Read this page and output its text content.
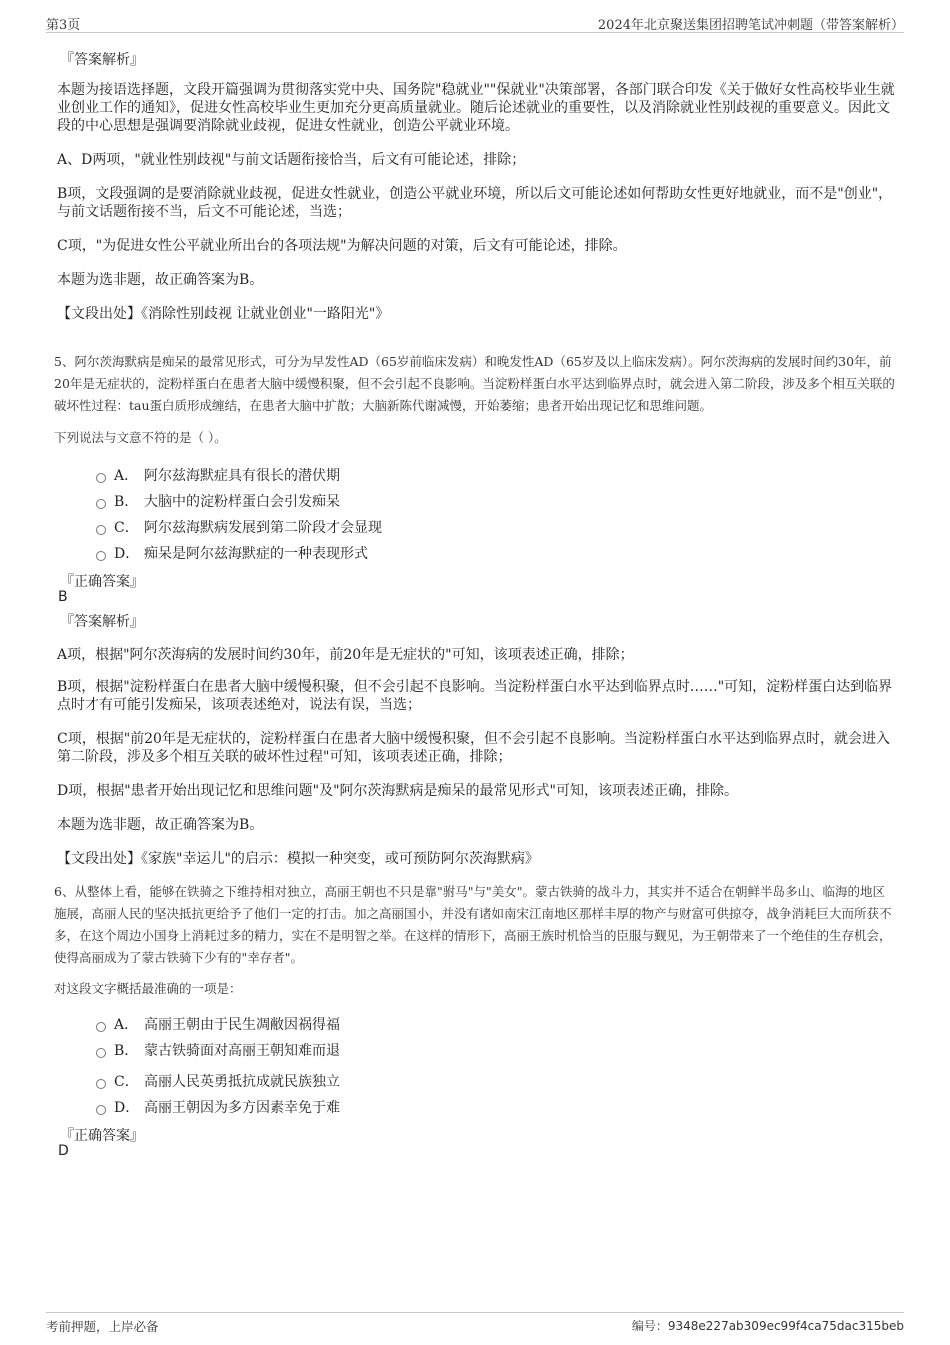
第3页	2024年北京聚送集团招聘笔试冲刺题（带答案解析）
『答案解析』
本题为接语选择题，文段开篇强调为贯彻落实党中央、国务院"稳就业""保就业"决策部署，各部门联合印发《关于做好女性高校毕业生就业创业工作的通知》，促进女性高校毕业生更加充分更高质量就业。随后论述就业的重要性，以及消除就业性别歧视的重要意义。因此文段的中心思想是强调要消除就业歧视，促进女性就业，创造公平就业环境。
A、D两项，"就业性别歧视"与前文话题衔接恰当，后文有可能论述，排除；
B项，文段强调的是要消除就业歧视，促进女性就业，创造公平就业环境，所以后文可能论述如何帮助女性更好地就业，而不是"创业"，与前文话题衔接不当，后文不可能论述，当选；
C项，"为促进女性公平就业所出台的各项法规"为解决问题的对策，后文有可能论述，排除。
本题为选非题，故正确答案为B。
【文段出处】《消除性别歧视 让就业创业"一路阳光"》
5、阿尔茨海默病是痴呆的最常见形式，可分为早发性AD（65岁前临床发病）和晚发性AD（65岁及以上临床发病）。阿尔茨海病的发展时间约30年，前20年是无症状的，淀粉样蛋白在患者大脑中缓慢积聚，但不会引起不良影响。当淀粉样蛋白水平达到临界点时，就会进入第二阶段，涉及多个相互关联的破坏性过程：tau蛋白质形成缠结，在患者大脑中扩散；大脑新陈代谢减慢，开始萎缩；患者开始出现记忆和思维问题。
下列说法与文意不符的是（ ）。
A． 阿尔兹海默症具有很长的潜伏期
B． 大脑中的淀粉样蛋白会引发痴呆
C． 阿尔兹海默病发展到第二阶段才会显现
D． 痴呆是阿尔兹海默症的一种表现形式
『正确答案』
B
『答案解析』
A项，根据"阿尔茨海病的发展时间约30年，前20年是无症状的"可知，该项表述正确，排除；
B项，根据"淀粉样蛋白在患者大脑中缓慢积聚，但不会引起不良影响。当淀粉样蛋白水平达到临界点时……"可知，淀粉样蛋白达到临界点时才有可能引发痴呆，该项表述绝对，说法有误，当选；
C项，根据"前20年是无症状的，淀粉样蛋白在患者大脑中缓慢积聚，但不会引起不良影响。当淀粉样蛋白水平达到临界点时，就会进入第二阶段，涉及多个相互关联的破坏性过程"可知，该项表述正确，排除；
D项，根据"患者开始出现记忆和思维问题"及"阿尔茨海默病是痴呆的最常见形式"可知，该项表述正确，排除。
本题为选非题，故正确答案为B。
【文段出处】《家族"幸运儿"的启示：模拟一种突变，或可预防阿尔茨海默病》
6、从整体上看，能够在铁骑之下维持相对独立，高丽王朝也不只是靠"驸马"与"美女"。蒙古铁骑的战斗力，其实并不适合在朝鲜半岛多山、临海的地区施展，高丽人民的坚决抵抗更给予了他们一定的打击。加之高丽国小，并没有诸如南宋江南地区那样丰厚的物产与财富可供掠夺，战争消耗巨大而所获不多，在这个周边小国身上消耗过多的精力，实在不是明智之举。在这样的情形下，高丽王族时机恰当的臣服与觐见，为王朝带来了一个绝佳的生存机会，使得高丽成为了蒙古铁骑下少有的"幸存者"。
对这段文字概括最准确的一项是：
A． 高丽王朝由于民生凋敝因祸得福
B． 蒙古铁骑面对高丽王朝知难而退
C． 高丽人民英勇抵抗成就民族独立
D． 高丽王朝因为多方因素幸免于难
『正确答案』
D
考前押题，上岸必备	编号：9348e227ab309ec99f4ca75dac315beb
